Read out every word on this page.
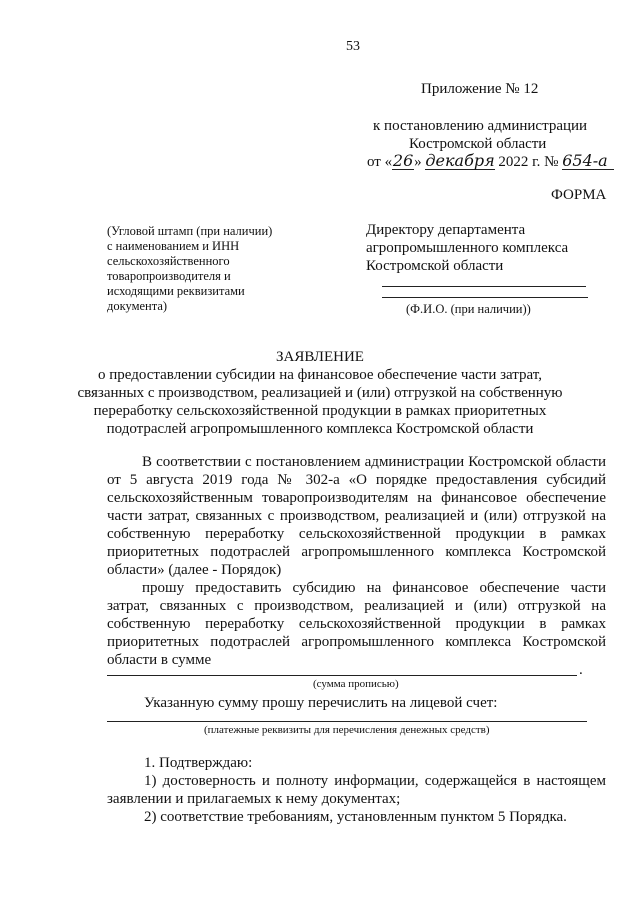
53
Приложение № 12
к постановлению администрации
Костромской области
от «26» декабря 2022 г. № 654-а
ФОРМА
(Угловой штамп (при наличии)
с наименованием и ИНН
сельскохозяйственного
товаропроизводителя и
исходящими реквизитами
документа)
Директору департамента
агропромышленного комплекса
Костромской области
(Ф.И.О. (при наличии))
ЗАЯВЛЕНИЕ
о предоставлении субсидии на финансовое обеспечение части затрат,
связанных с производством, реализацией и (или) отгрузкой на собственную
переработку сельскохозяйственной продукции в рамках приоритетных
подотраслей агропромышленного комплекса Костромской области
В соответствии с постановлением администрации Костромской области
от 5 августа 2019 года № 302-а «О порядке предоставления субсидий
сельскохозяйственным товаропроизводителям на финансовое обеспечение
части затрат, связанных с производством, реализацией и (или) отгрузкой на
собственную переработку сельскохозяйственной продукции в рамках
приоритетных подотраслей агропромышленного комплекса Костромской
области» (далее - Порядок)
прошу предоставить субсидию на финансовое обеспечение части
затрат, связанных с производством, реализацией и (или) отгрузкой на
собственную переработку сельскохозяйственной продукции в рамках
приоритетных подотраслей агропромышленного комплекса Костромской
области в сумме
.
(сумма прописью)
Указанную сумму прошу перечислить на лицевой счет:
(платежные реквизиты для перечисления денежных средств)
1. Подтверждаю:
1) достоверность и полноту информации, содержащейся в настоящем
заявлении и прилагаемых к нему документах;
2) соответствие требованиям, установленным пунктом 5 Порядка.
